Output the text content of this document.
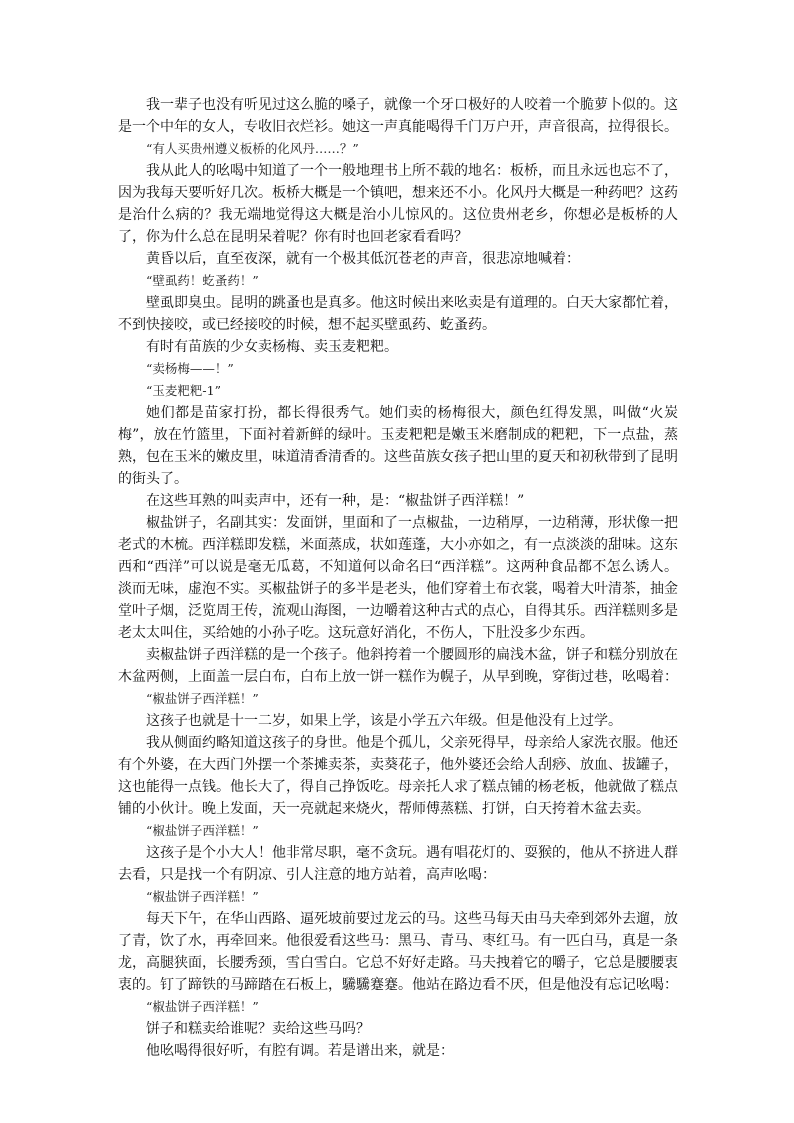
我一辈子也没有听见过这么脆的嗓子，就像一个牙口极好的人咬着一个脆萝卜似的。这是一个中年的女人，专收旧衣烂衫。她这一声真能喝得千门万户开，声音很高，拉得很长。

“有人买贵州遵义板桥的化风丹……？”

我从此人的吆喝中知道了一个一般地理书上所不载的地名：板桥，而且永远也忘不了，因为我每天要听好几次。板桥大概是一个镇吧，想来还不小。化风丹大概是一种药吧？这药是治什么病的？我无端地觉得这大概是治小儿惊风的。这位贵州老乡，你想必是板桥的人了，你为什么总在昆明呆着呢？你有时也回老家看看吗？

黄昏以后，直至夜深，就有一个极其低沉苍老的声音，很悲凉地喊着：

“壁虱药！虼蚤药！”

壁虱即臭虫。昆明的跳蚤也是真多。他这时候出来吆卖是有道理的。白天大家都忙着，不到快接咬，或已经接咬的时候，想不起买壁虱药、虼蚤药。

有时有苗族的少女卖杨梅、卖玉麦粑粑。

“卖杨梅——！”

“玉麦粑粑-1”

她们都是苗家打扮，都长得很秀气。她们卖的杨梅很大，颜色红得发黑，叫做“火炭梅”，放在竹篮里，下面衬着新鲜的绿叶。玉麦粑粑是嫩玉米磨制成的粑粑，下一点盐，蒸熟，包在玉米的嫩皮里，味道清香清香的。这些苗族女孩子把山里的夏天和初秋带到了昆明的街头了。

在这些耳熟的叫卖声中，还有一种，是：“椒盐饼子西洋糕！”

椒盐饼子，名副其实：发面饼，里面和了一点椒盐，一边稍厚，一边稍薄，形状像一把老式的木梳。西洋糕即发糕，米面蒸成，状如莲蓬，大小亦如之，有一点淡淡的甜味。这东西和“西洋”可以说是毫无瓜葛，不知道何以命名曰“西洋糕”。这两种食品都不怎么诱人。淡而无味，虚泡不实。买椒盐饼子的多半是老头，他们穿着土布衣裳，喝着大叶清茶，抽金堂叶子烟，泛览周王传，流观山海图，一边嚼着这种古式的点心，自得其乐。西洋糕则多是老太太叫住，买给她的小孙子吃。这玩意好消化，不伤人，下肚没多少东西。

卖椒盐饼子西洋糕的是一个孩子。他斜挎着一个腰圆形的扁浅木盆，饼子和糕分别放在木盆两侧，上面盖一层白布，白布上放一饼一糕作为幌子，从早到晚，穿街过巷，吆喝着：

“椒盐饼子西洋糕！”

这孩子也就是十一二岁，如果上学，该是小学五六年级。但是他没有上过学。

我从侧面约略知道这孩子的身世。他是个孤儿，父亲死得早，母亲给人家洗衣服。他还有个外婆，在大西门外摆一个茶摊卖茶，卖葵花子，他外婆还会给人刮痧、放血、拔罐子，这也能得一点钱。他长大了，得自己挣饭吃。母亲托人求了糕点铺的杨老板，他就做了糕点铺的小伙计。晚上发面，天一亮就起来烧火，帮师傅蒸糕、打饼，白天挎着木盆去卖。

“椒盐饼子西洋糕！”

这孩子是个小大人！他非常尽职，毫不贪玩。遇有唱花灯的、耍猴的，他从不挤进人群去看，只是找一个有阴凉、引人注意的地方站着，高声吆喝：

“椒盐饼子西洋糕！”

每天下午，在华山西路、逼死坡前要过龙云的马。这些马每天由马夫牵到郊外去遛，放了青，饮了水，再牵回来。他很爱看这些马：黑马、青马、枣红马。有一匹白马，真是一条龙，高腿狭面，长腰秀颈，雪白雪白。它总不好好走路。马夫拽着它的嚼子，它总是腰腰衷衷的。钉了蹄铁的马蹄踏在石板上，驣驣蹇蹇。他站在路边看不厌，但是他没有忘记吆喝：

“椒盐饼子西洋糕！”

饼子和糕卖给谁呢？卖给这些马吗？

他吆喝得很好听，有腔有调。若是谱出来，就是：
